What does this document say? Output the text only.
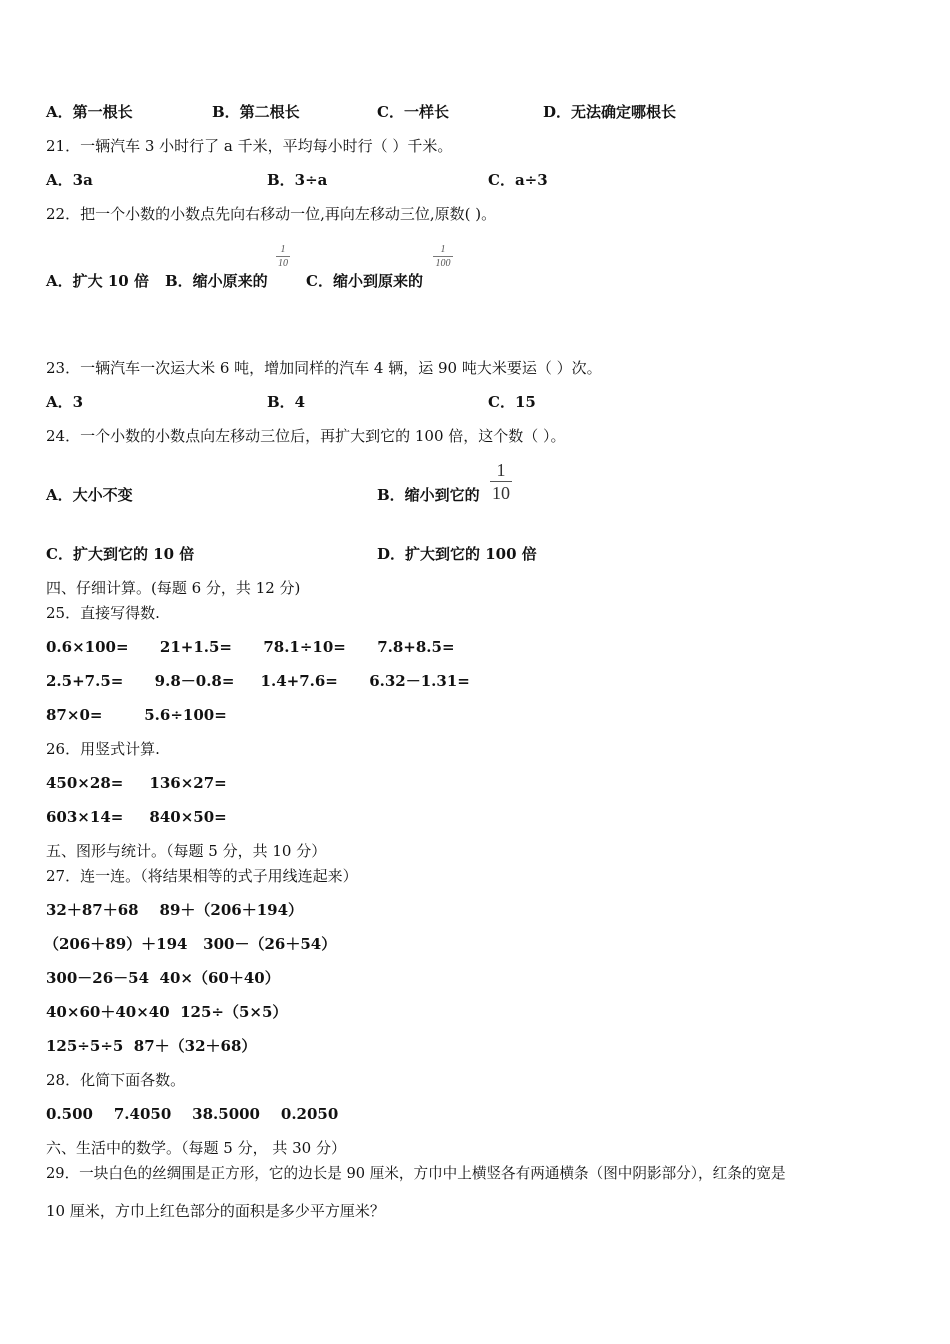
A．第一根长	B．第二根长	C．一样长	D．无法确定哪根长
21．一辆汽车 3 小时行了 a 千米，平均每小时行（ ）千米。
A．3a	B．3÷a	C．a÷3
22．把一个小数的小数点先向右移动一位,再向左移动三位,原数( )。
A．扩大 10 倍 B．缩小原来的
1
10
C．缩小到原来的
1
100
23．一辆汽车一次运大米 6 吨，增加同样的汽车 4 辆，运 90 吨大米要运（ ）次。
A．3	B．4	C．15
24．一个小数的小数点向左移动三位后，再扩大到它的 100 倍，这个数（ ）。
A．大小不变	B．缩小到它的
1
10
C．扩大到它的 10 倍	D．扩大到它的 100 倍
四、仔细计算。(每题 6 分，共 12 分)
25．直接写得数.
0.6×100=      21+1.5=      78.1÷10=      7.8+8.5=
2.5+7.5=      9.8－0.8=     1.4+7.6=      6.32－1.31=
87×0=        5.6÷100=
26．用竖式计算.
450×28=     136×27=
603×14=     840×50=
五、图形与统计。（每题 5 分，共 10 分）
27．连一连。（将结果相等的式子用线连起来）
32＋87＋68    89＋（206＋194）
（206＋89）＋194   300－（26＋54）
300－26－54  40×（60＋40）
40×60＋40×40  125÷（5×5）
125÷5÷5  87＋（32＋68）
28．化简下面各数。
0.500    7.4050    38.5000    0.2050
六、生活中的数学。（每题 5 分， 共 30 分）
29．一块白色的丝绸围是正方形，它的边长是 90 厘米，方巾中上横竖各有两通横条（图中阴影部分），红条的宽是
10 厘米，方巾上红色部分的面积是多少平方厘米？
